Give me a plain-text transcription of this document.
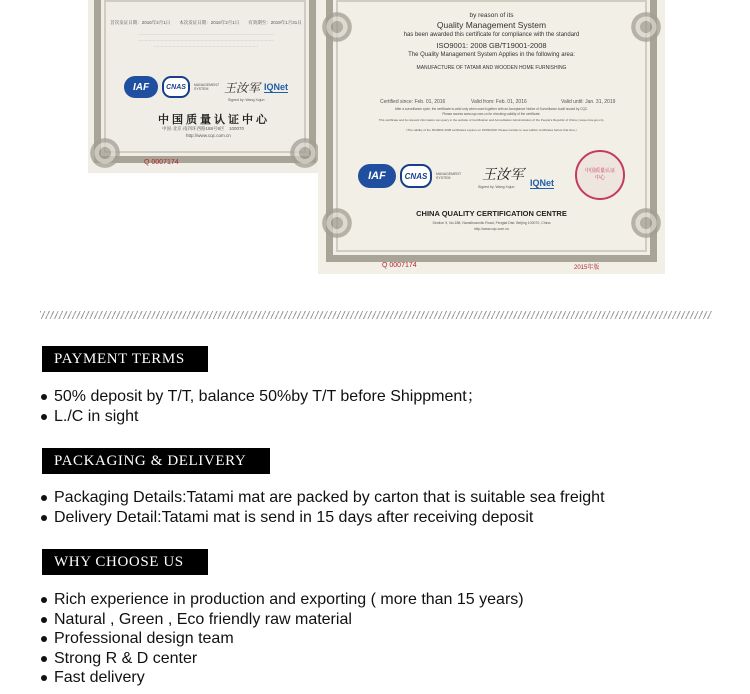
首次发证日期：2016年2月1日　　本次发证日期：2016年2月1日　　有效期至：2019年1月31日
…………………………………………………………………………………………
…………………………………………………………………………………………
……………………………………………………………………
IAF	CNAS	MANAGEMENT SYSTEM	王汝军 IQNet
Signed by: Wang Xujun
中国质量认证中心
中国·北京·南四环西路188号9区　100070
http://www.cqc.com.cn
Q 0007174
by reason of its
Quality Management System
has been awarded this certificate for compliance with the standard
ISO9001: 2008 GB/T19001-2008
The Quality Management System Applies in the following area:
MANUFACTURE OF TATAMI AND WOODEN HOME FURNISHING
Certified since: Feb. 01, 2016	Valid from: Feb. 01, 2016	Valid until: Jan. 31, 2019
After a surveillance cycle, the certificate is valid only when used together with an Acceptance Notice of Surveillance Audit issued by CQC.
Please access www.cqc.com.cn for checking validity of the certificate.
This certificate and its relevant information can query in the website of Certification and Accreditation Administration of the People's Republic of China ( www.cnca.gov.cn).
(The validity of the ISO9001:2008 certificates expires on 15/09/2018. Please transfer to new edition certificates before that time.)
IAF	CNAS	MANAGEMENT SYSTEM	王汝军
Signed by: Wang Xujun IQNet
中国质量认证中心
CHINA QUALITY CERTIFICATION CENTRE
Section 9, No.188, Nansihuanxilu Road, Fengtai Dist. Beijing 100070, China
http://www.cqc.com.cn
Q 0007174	2015年版
PAYMENT TERMS
50% deposit by T/T, balance 50%by T/T before Shippment；
L./C in sight
PACKAGING & DELIVERY
Packaging Details:Tatami mat are packed by carton that is suitable sea freight
Delivery Detail:Tatami mat is send in 15 days after receiving deposit
WHY CHOOSE US
Rich experience in production and exporting ( more than 15 years)
Natural , Green , Eco friendly raw material
Professional design team
Strong R & D center
Fast delivery
